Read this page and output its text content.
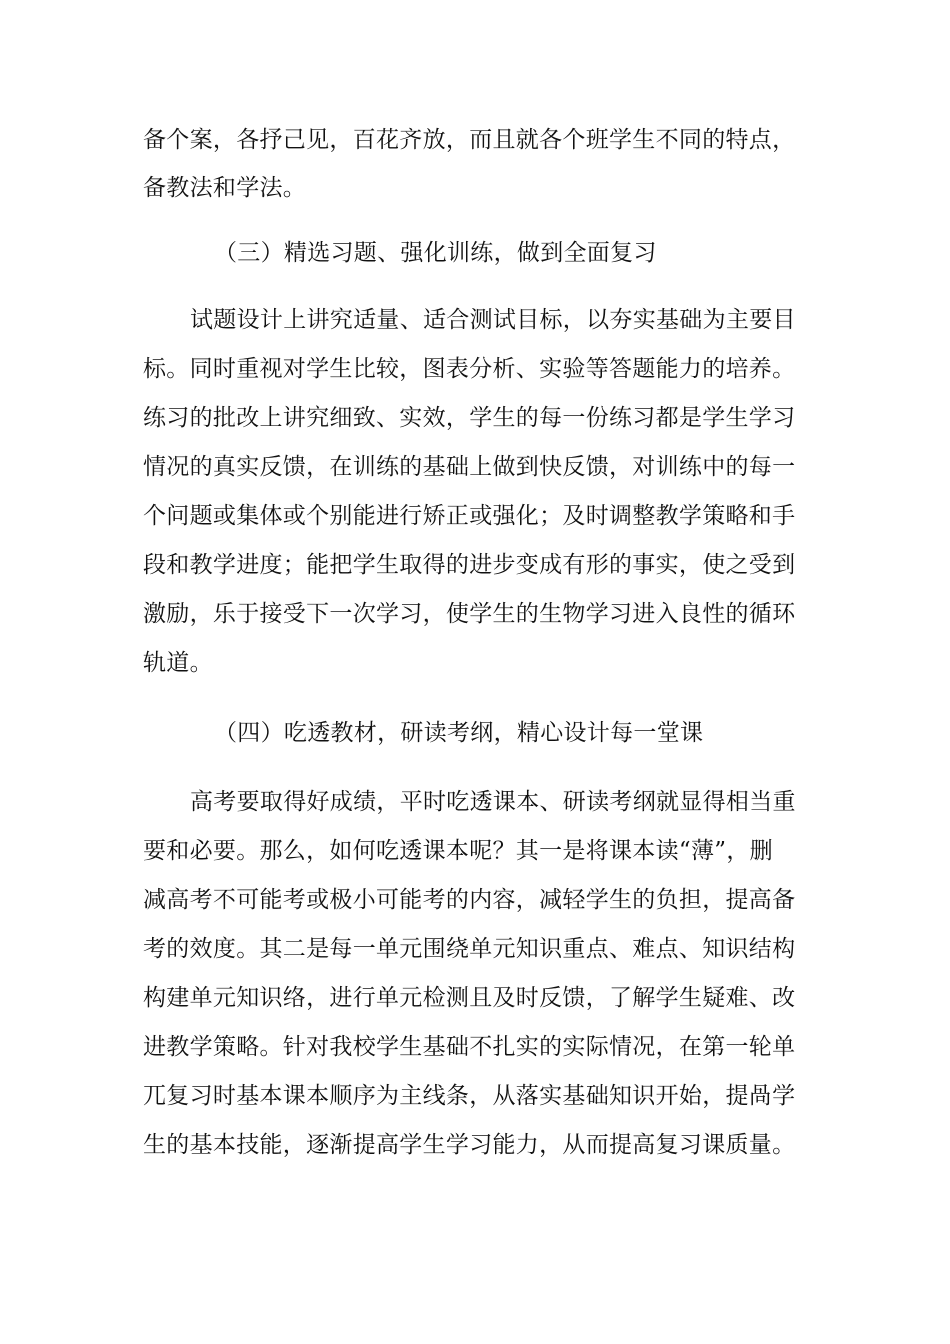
备个案，各抒己见，百花齐放，而且就各个班学生不同的特点，
备教法和学法。
（三）精选习题、强化训练，做到全面复习
试题设计上讲究适量、适合测试目标，以夯实基础为主要目
标。同时重视对学生比较，图表分析、实验等答题能力的培养。
练习的批改上讲究细致、实效，学生的每一份练习都是学生学习
情况的真实反馈，在训练的基础上做到快反馈，对训练中的每一
个问题或集体或个别能进行矫正或强化；及时调整教学策略和手
段和教学进度；能把学生取得的进步变成有形的事实，使之受到
激励，乐于接受下一次学习，使学生的生物学习进入良性的循环
轨道。
（四）吃透教材，研读考纲，精心设计每一堂课
高考要取得好成绩，平时吃透课本、研读考纲就显得相当重
要和必要。那么，如何吃透课本呢？其一是将课本读“薄”，删
减高考不可能考或极小可能考的内容，减轻学生的负担，提高备
考的效度。其二是每一单元围绕单元知识重点、难点、知识结构
构建单元知识络，进行单元检测且及时反馈，了解学生疑难、改
进教学策略。针对我校学生基础不扎实的实际情况，在第一轮单
兀复习时基本课本顺序为主线条，从落实基础知识开始，提咼学
生的基本技能，逐渐提高学生学习能力，从而提高复习课质量。
